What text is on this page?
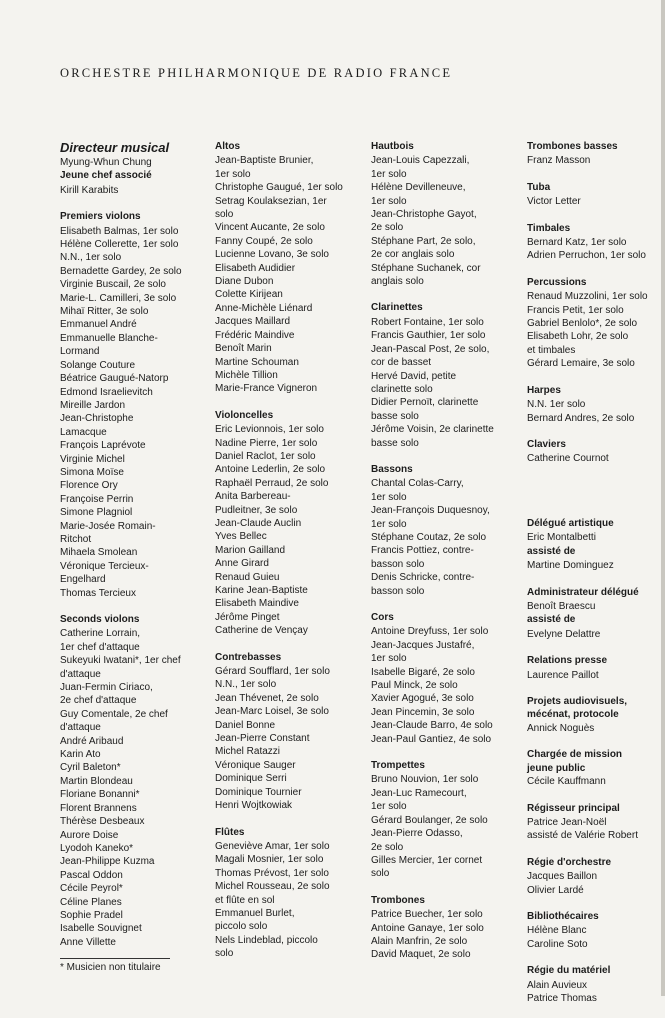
ORCHESTRE PHILHARMONIQUE DE RADIO FRANCE
Directeur musical
Myung-Whun Chung
Jeune chef associé
Kirill Karabits
Premiers violons
Elisabeth Balmas, 1er solo
Hélène Collerette, 1er solo
N.N., 1er solo
Bernadette Gardey, 2e solo
Virginie Buscail, 2e solo
Marie-L. Camilleri, 3e solo
Mihaï Ritter, 3e solo
Emmanuel André
Emmanuelle Blanche-
Lormand
Solange Couture
Béatrice Gaugué-Natorp
Edmond Israelievitch
Mireille Jardon
Jean-Christophe
Lamacque
François Laprévote
Virginie Michel
Simona Moïse
Florence Ory
Françoise Perrin
Simone Plagniol
Marie-Josée Romain-
Ritchot
Mihaela Smolean
Véronique Tercieux-
Engelhard
Thomas Tercieux
Seconds violons
Catherine Lorrain,
1er chef d'attaque
Sukeyuki Iwatani*, 1er chef
d'attaque
Juan-Fermin Ciriaco,
2e chef d'attaque
Guy Comentale, 2e chef
d'attaque
André Aribaud
Karin Ato
Cyril Baleton*
Martin Blondeau
Floriane Bonanni*
Florent Brannens
Thérèse Desbeaux
Aurore Doise
Lyodoh Kaneko*
Jean-Philippe Kuzma
Pascal Oddon
Cécile Peyrol*
Céline Planes
Sophie Pradel
Isabelle Souvignet
Anne Villette
Altos
Jean-Baptiste Brunier,
1er solo
Christophe Gaugué, 1er solo
Setrag Koulaksezian, 1er
solo
Vincent Aucante, 2e solo
Fanny Coupé, 2e solo
Lucienne Lovano, 3e solo
Elisabeth Audidier
Diane Dubon
Colette Kirijean
Anne-Michèle Liénard
Jacques Maillard
Frédéric Maindive
Benoît Marin
Martine Schouman
Michèle Tillion
Marie-France Vigneron
Violoncelles
Eric Levionnois, 1er solo
Nadine Pierre, 1er solo
Daniel Raclot, 1er solo
Antoine Lederlin, 2e solo
Raphaël Perraud, 2e solo
Anita Barbereau-
Pudleitner, 3e solo
Jean-Claude Auclin
Yves Bellec
Marion Gailland
Anne Girard
Renaud Guieu
Karine Jean-Baptiste
Elisabeth Maindive
Jérôme Pinget
Catherine de Vençay
Contrebasses
Gérard Soufflard, 1er solo
N.N., 1er solo
Jean Thévenet, 2e solo
Jean-Marc Loisel, 3e solo
Daniel Bonne
Jean-Pierre Constant
Michel Ratazzi
Véronique Sauger
Dominique Serri
Dominique Tournier
Henri Wojtkowiak
Flûtes
Geneviève Amar, 1er solo
Magali Mosnier, 1er solo
Thomas Prévost, 1er solo
Michel Rousseau, 2e solo
et flûte en sol
Emmanuel Burlet,
piccolo solo
Nels Lindeblad, piccolo
solo
Hautbois
Jean-Louis Capezzali,
1er solo
Hélène Devilleneuve,
1er solo
Jean-Christophe Gayot,
2e solo
Stéphane Part, 2e solo,
2e cor anglais solo
Stéphane Suchanek, cor
anglais solo
Clarinettes
Robert Fontaine, 1er solo
Francis Gauthier, 1er solo
Jean-Pascal Post, 2e solo,
cor de basset
Hervé David, petite
clarinette solo
Didier Pernoït, clarinette
basse solo
Jérôme Voisin, 2e clarinette
basse solo
Bassons
Chantal Colas-Carry,
1er solo
Jean-François Duquesnoy,
1er solo
Stéphane Coutaz, 2e solo
Francis Pottiez, contre-
basson solo
Denis Schricke, contre-
basson solo
Cors
Antoine Dreyfuss, 1er solo
Jean-Jacques Justafré,
1er solo
Isabelle Bigaré, 2e solo
Paul Minck, 2e solo
Xavier Agogué, 3e solo
Jean Pincemin, 3e solo
Jean-Claude Barro, 4e solo
Jean-Paul Gantiez, 4e solo
Trompettes
Bruno Nouvion, 1er solo
Jean-Luc Ramecourt,
1er solo
Gérard Boulanger, 2e solo
Jean-Pierre Odasso,
2e solo
Gilles Mercier, 1er cornet
solo
Trombones
Patrice Buecher, 1er solo
Antoine Ganaye, 1er solo
Alain Manfrin, 2e solo
David Maquet, 2e solo
Trombones basses
Franz Masson
Tuba
Victor Letter
Timbales
Bernard Katz, 1er solo
Adrien Perruchon, 1er solo
Percussions
Renaud Muzzolini, 1er solo
Francis Petit, 1er solo
Gabriel Benlolo*, 2e solo
Elisabeth Lohr, 2e solo
et timbales
Gérard Lemaire, 3e solo
Harpes
N.N. 1er solo
Bernard Andres, 2e solo
Claviers
Catherine Cournot
Délégué artistique
Eric Montalbetti
assisté de
Martine Dominguez
Administrateur délégué
Benoît Braescu
assisté de
Evelyne Delattre
Relations presse
Laurence Paillot
Projets audiovisuels,
mécénat, protocole
Annick Noguès
Chargée de mission
jeune public
Cécile Kauffmann
Régisseur principal
Patrice Jean-Noël
assisté de Valérie Robert
Régie d'orchestre
Jacques Baillon
Olivier Lardé
Bibliothécaires
Hélène Blanc
Caroline Soto
Régie du matériel
Alain Auvieux
Patrice Thomas
* Musicien non titulaire
